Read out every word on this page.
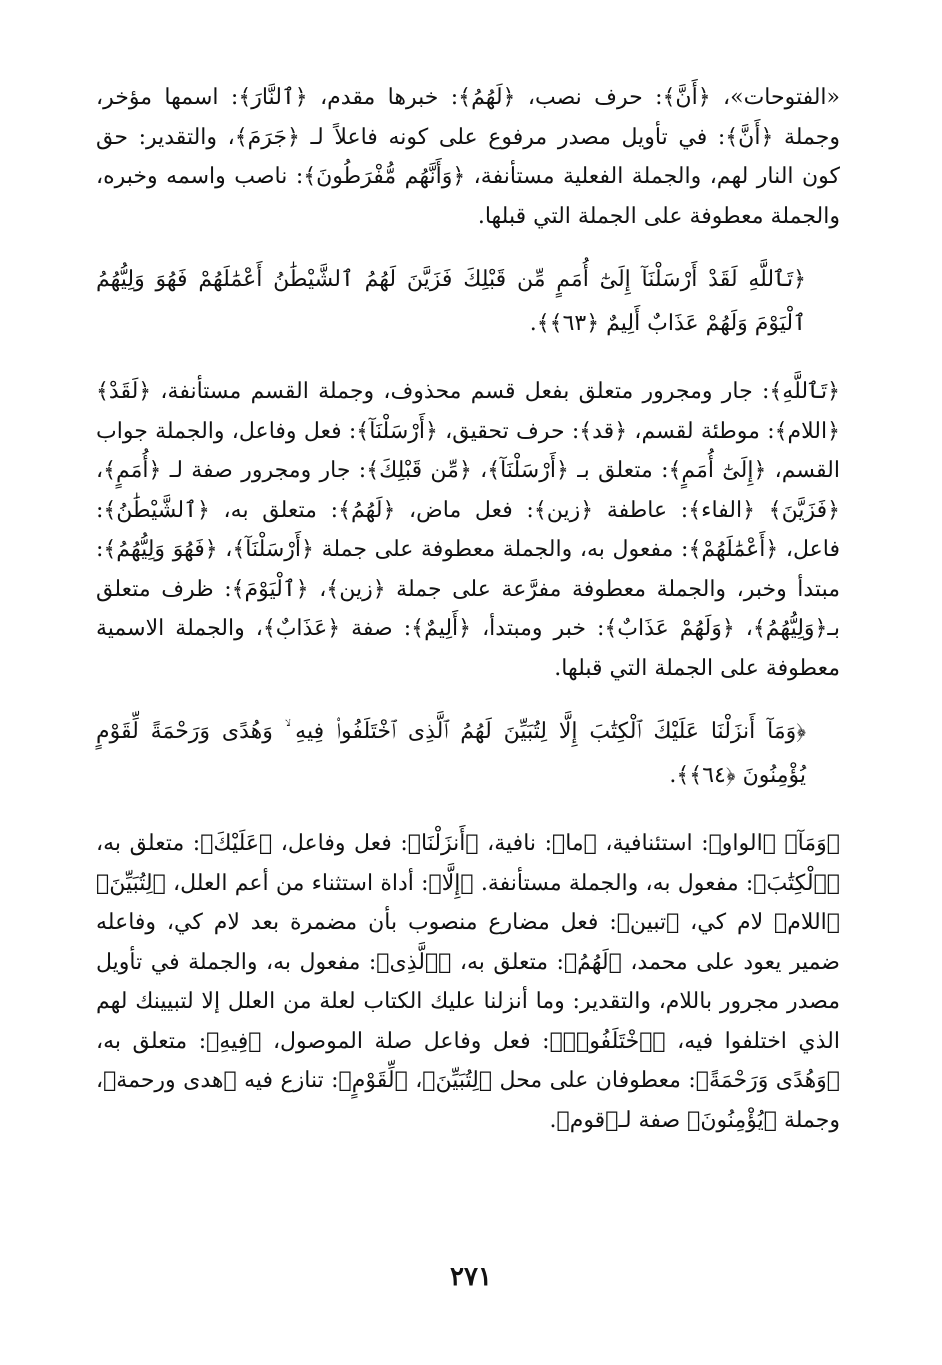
«الفتوحات»، ﴿أَنَّ﴾: حرف نصب، ﴿لَهُمُ﴾: خبرها مقدم، ﴿ٱلنَّارَ﴾: اسمها مؤخر، وجملة ﴿أَنَّ﴾: في تأويل مصدر مرفوع على كونه فاعلاً لـ ﴿جَرَمَ﴾، والتقدير: حق كون النار لهم، والجملة الفعلية مستأنفة، ﴿وَأَنَّهُم مُّفْرَطُونَ﴾: ناصب واسمه وخبره، والجملة معطوفة على الجملة التي قبلها.

﴿تَٱللَّهِ لَقَدْ أَرْسَلْنَآ إِلَىٰٓ أُمَمٍ مِّن قَبْلِكَ فَزَيَّنَ لَهُمُ ٱلشَّيْطَٰنُ أَعْمَٰلَهُمْ فَهُوَ وَلِيُّهُمُ ٱلْيَوْمَ وَلَهُمْ عَذَابٌ أَلِيمٌ ﴿٦٣﴾﴾.

﴿تَٱللَّهِ﴾: جار ومجرور متعلق بفعل قسم محذوف، وجملة القسم مستأنفة، ﴿لَقَدْ﴾ ﴿اللام﴾: موطئة لقسم، ﴿قد﴾: حرف تحقيق، ﴿أَرْسَلْنَآ﴾: فعل وفاعل، والجملة جواب القسم، ﴿إِلَىٰٓ أُمَمٍ﴾: متعلق بـ ﴿أَرْسَلْنَآ﴾، ﴿مِّن قَبْلِكَ﴾: جار ومجرور صفة لـ ﴿أُمَمٍ﴾، ﴿فَزَيَّنَ﴾ ﴿الفاء﴾: عاطفة ﴿زين﴾: فعل ماض، ﴿لَهُمُ﴾: متعلق به، ﴿ٱلشَّيْطَٰنُ﴾: فاعل، ﴿أَعْمَٰلَهُمْ﴾: مفعول به، والجملة معطوفة على جملة ﴿أَرْسَلْنَآ﴾، ﴿فَهُوَ وَلِيُّهُمُ﴾: مبتدأ وخبر، والجملة معطوفة مفرَّعة على جملة ﴿زين﴾، ﴿ٱلْيَوْمَ﴾: ظرف متعلق بـ﴿وَلِيُّهُمُ﴾، ﴿وَلَهُمْ عَذَابٌ﴾: خبر ومبتدأ، ﴿أَلِيمٌ﴾: صفة ﴿عَذَابٌ﴾، والجملة الاسمية معطوفة على الجملة التي قبلها.

﴿وَمَآ أَنزَلْنَا عَلَيْكَ ٱلْكِتَٰبَ إِلَّا لِتُبَيِّنَ لَهُمُ ٱلَّذِى ٱخْتَلَفُوا۟ فِيهِ ۙ وَهُدًى وَرَحْمَةً لِّقَوْمٍ يُؤْمِنُونَ ﴿٦٤﴾﴾.

﴿وَمَآ﴾ ﴿الواو﴾: استئنافية، ﴿ما﴾: نافية، ﴿أَنزَلْنَا﴾: فعل وفاعل، ﴿عَلَيْكَ﴾: متعلق به، ﴿ٱلْكِتَٰبَ﴾: مفعول به، والجملة مستأنفة. ﴿إِلَّا﴾: أداة استثناء من أعم العلل، ﴿لِتُبَيِّنَ﴾ ﴿اللام﴾ لام كي، ﴿تبين﴾: فعل مضارع منصوب بأن مضمرة بعد لام كي، وفاعله ضمير يعود على محمد، ﴿لَهُمُ﴾: متعلق به، ﴿ٱلَّذِى﴾: مفعول به، والجملة في تأويل مصدر مجرور باللام، والتقدير: وما أنزلنا عليك الكتاب لعلة من العلل إلا لتبيينك لهم الذي اختلفوا فيه، ﴿ٱخْتَلَفُوا۟﴾: فعل وفاعل صلة الموصول، ﴿فِيهِ﴾: متعلق به، ﴿وَهُدًى وَرَحْمَةً﴾: معطوفان على محل ﴿لِتُبَيِّنَ﴾، ﴿لِّقَوْمٍ﴾: تنازع فيه ﴿هدى ورحمة﴾، وجملة ﴿يُؤْمِنُونَ﴾ صفة لـ﴿قوم﴾.

٢٧١
